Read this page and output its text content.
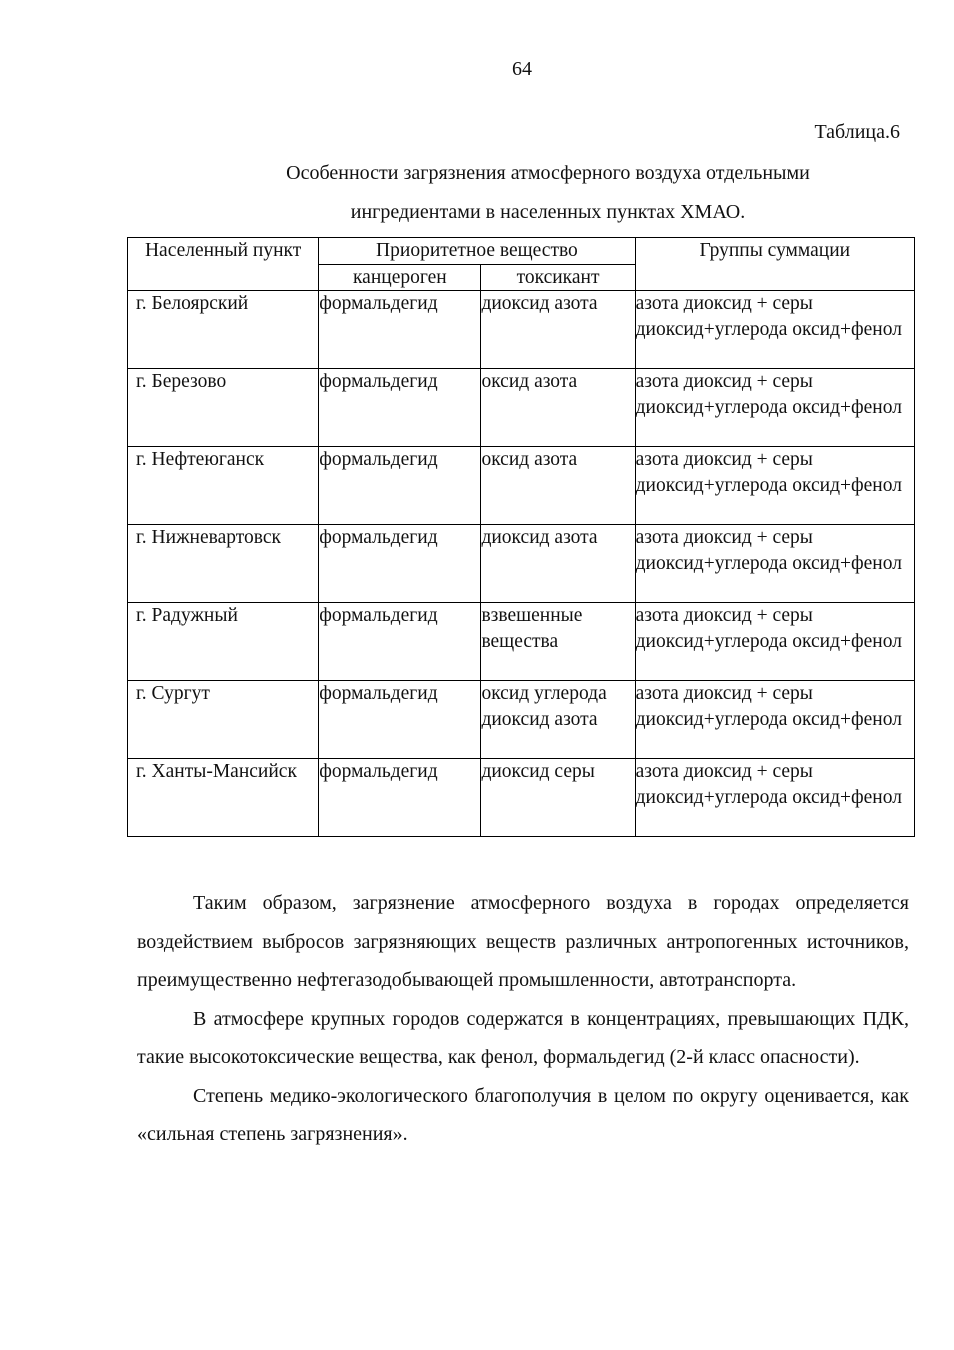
64
Таблица.6
Особенности загрязнения атмосферного воздуха отдельными
ингредиентами в населенных пунктах ХМАО.
Населенный пункт	Приоритетное вещество		Группы суммации
	канцероген	токсикант	
г. Белоярский	формальдегид	диоксид азота	азота диоксид + серы диоксид+углерода оксид+фенол
г. Березово	формальдегид	оксид азота	азота диоксид + серы диоксид+углерода оксид+фенол
г. Нефтеюганск	формальдегид	оксид азота	азота диоксид + серы диоксид+углерода оксид+фенол
г. Нижневартовск	формальдегид	диоксид азота	азота диоксид + серы диоксид+углерода оксид+фенол
г. Радужный	формальдегид	взвешенные вещества	азота диоксид + серы диоксид+углерода оксид+фенол
г. Сургут	формальдегид	оксид углерода диоксид азота	азота диоксид + серы диоксид+углерода оксид+фенол
г. Ханты-Мансийск	формальдегид	диоксид серы	азота диоксид + серы диоксид+углерода оксид+фенол

Таким образом, загрязнение атмосферного воздуха в городах определяется воздействием выбросов загрязняющих веществ различных антропогенных источников, преимущественно нефтегазодобывающей промышленности, автотранспорта.

В атмосфере крупных городов содержатся в концентрациях, превышающих ПДК, такие высокотоксические вещества, как фенол, формальдегид (2-й класс опасности).

Степень медико-экологического благополучия в целом по округу оценивается, как «сильная степень загрязнения».
